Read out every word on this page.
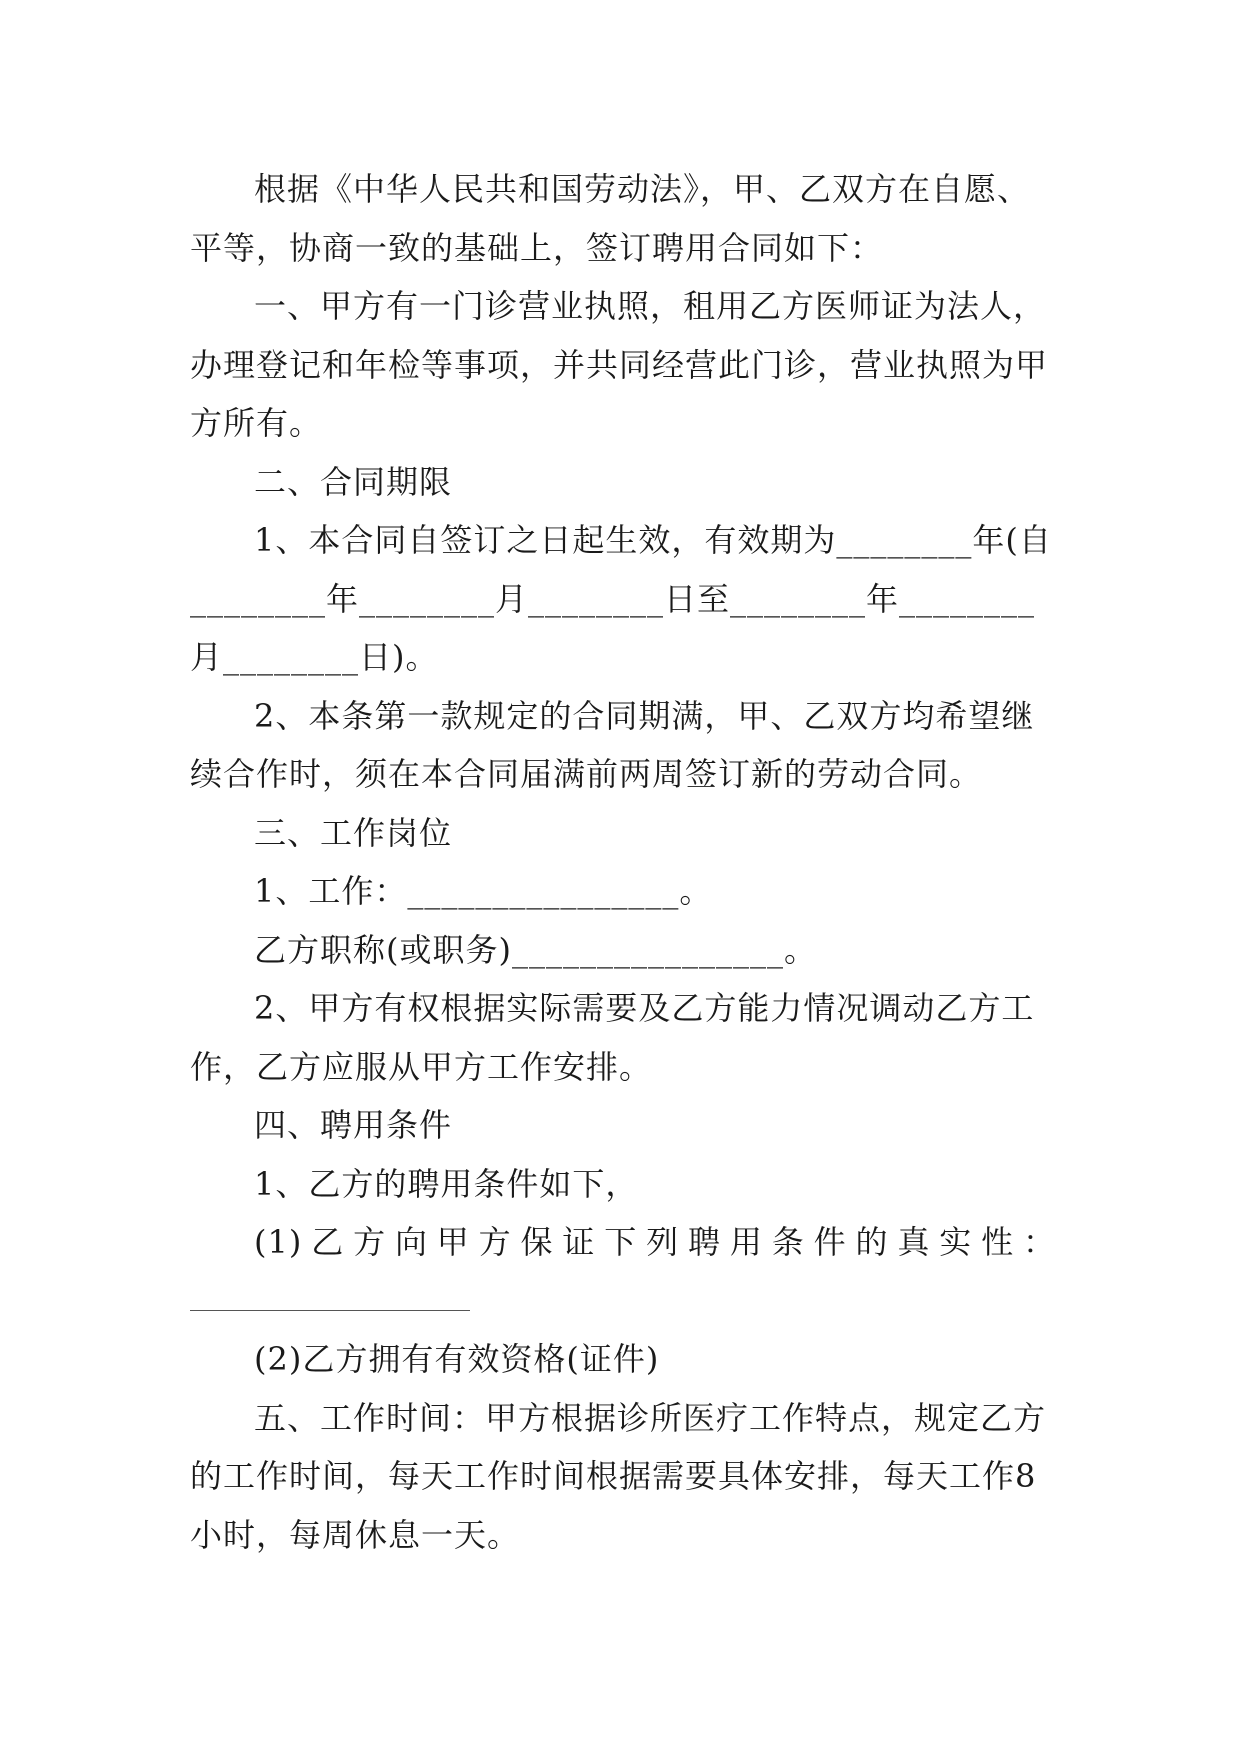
根据《中华人民共和国劳动法》，甲、乙双方在自愿、平等，协商一致的基础上，签订聘用合同如下：

一、甲方有一门诊营业执照，租用乙方医师证为法人，办理登记和年检等事项，并共同经营此门诊，营业执照为甲方所有。

二、合同期限

1、本合同自签订之日起生效，有效期为________年(自________年________月________日至________年________月________日)。

2、本条第一款规定的合同期满，甲、乙双方均希望继续合作时，须在本合同届满前两周签订新的劳动合同。

三、工作岗位

1、工作：________________。

乙方职称(或职务)________________。

2、甲方有权根据实际需要及乙方能力情况调动乙方工作，乙方应服从甲方工作安排。

四、聘用条件

1、乙方的聘用条件如下，

(1)乙方向甲方保证下列聘用条件的真实性：

(2)乙方拥有有效资格(证件)

五、工作时间：甲方根据诊所医疗工作特点，规定乙方的工作时间，每天工作时间根据需要具体安排，每天工作8小时，每周休息一天。
